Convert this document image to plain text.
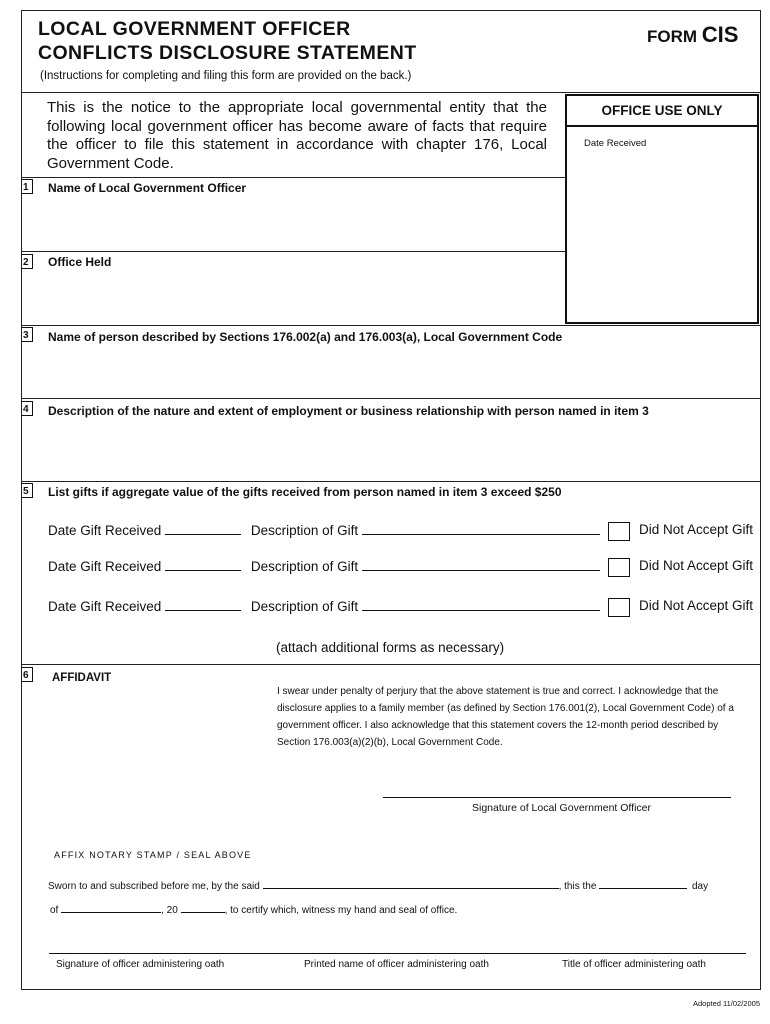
LOCAL GOVERNMENT OFFICER
CONFLICTS DISCLOSURE STATEMENT
FORM CIS
(Instructions for completing and filing this form are provided on the back.)
This is the notice to the appropriate local governmental entity that the following local government officer has become aware of facts that require the officer to file this statement in accordance with chapter 176, Local Government Code.
OFFICE USE ONLY
Date Received
1	Name of Local Government Officer
2	Office Held
3	Name of person described by Sections 176.002(a) and 176.003(a), Local Government Code
4	Description of the nature and extent of employment or business relationship with person named in item 3
5	List gifts if aggregate value of the gifts received from person named in item 3 exceed $250
Date Gift Received	Description of Gift	Did Not Accept Gift
Date Gift Received	Description of Gift	Did Not Accept Gift
Date Gift Received	Description of Gift	Did Not Accept Gift
(attach additional forms as necessary)
6	AFFIDAVIT
I swear under penalty of perjury that the above statement is true and correct. I acknowledge that the disclosure applies to a family member (as defined by Section 176.001(2), Local Government Code) of a government officer. I also acknowledge that this statement covers the 12-month period described by Section 176.003(a)(2)(b), Local Government Code.
Signature of Local Government Officer
AFFIX NOTARY STAMP / SEAL ABOVE
Sworn to and subscribed before me, by the said	, this the	day
of	, 20	, to certify which, witness my hand and seal of office.
Signature of officer administering oath	Printed name of officer administering oath	Title of officer administering oath
Adopted 11/02/2005
